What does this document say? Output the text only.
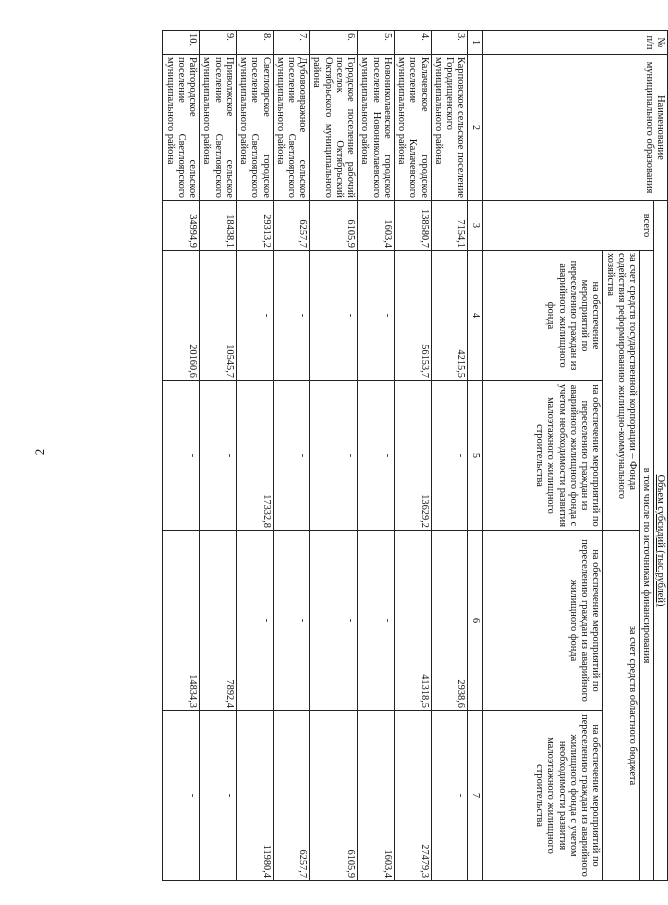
2
№
п/п	Наименование
муниципального образования	Объем субсидий (тыс.рублей)				
		всего	в том числе по источникам финансирования			
			за счет средств государственной корпорации – Фонда содействия реформированию жилищно-коммунального хозяйства		за счет средств областного бюджета	
			на обеспечение мероприятий по переселению граждан из аварийного жилищного фонда	на обеспечение мероприятий по переселению граждан из аварийного жилищного фонда с учетом необходимости развития малоэтажного жилищного строительства	на обеспечение мероприятий по переселению граждан из аварийного жилищного фонда	на обеспечение мероприятий по переселению граждан из аварийного жилищного фонда с учетом необходимости развития малоэтажного жилищного строительства
1	2	3	4	5	6	7
3.	Карповское сельское поселение Городищенского муниципального района	7154,1	4215,5	-	2938,6	-
4.	Калачевское городское поселение Калачевского муниципального района	138580,7	56153,7	13629,2	41318,5	27479,3
5.	Новониколаевское городское поселение Новониколаевского муниципального района	1603,4	-	-	-	1603,4
6.	Городское поселение рабочий поселок Октябрьский Октябрьского муниципального района	6105,9	-	-	-	6105,9
7.	Дубовоовражное сельское поселение Светлоярского муниципального района	6257,7	-	-	-	6257,7
8.	Светлоярское городское поселение Светлоярского муниципального района	29313,2	-	17332,8	-	11980,4
9.	Приволжское сельское поселение Светлоярского муниципального района	18438,1	10545,7	-	7892,4	-
10.	Райгородское сельское поселение Светлоярского муниципального района	34994,9	20160,6	-	14834,3	-
